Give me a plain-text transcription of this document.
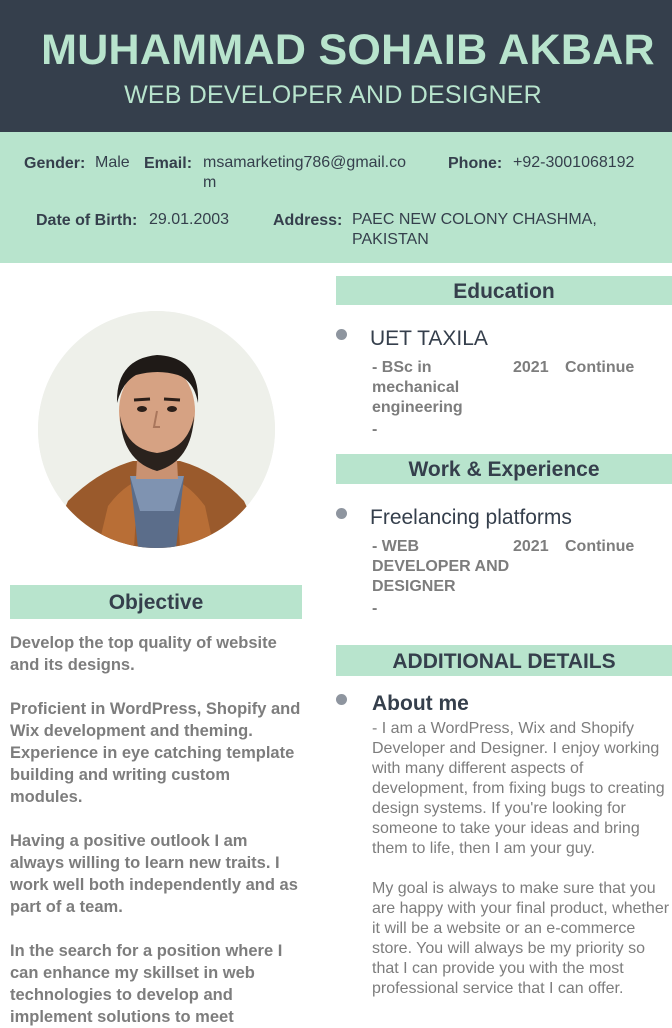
MUHAMMAD SOHAIB AKBAR
WEB DEVELOPER AND DESIGNER
Gender: Male Email: msamarketing786@gmail.com
Phone: +92-3001068192
Date of Birth: 29.01.2003	Address: PAEC NEW COLONY CHASHMA, PAKISTAN
Objective

Develop the top quality of website and its designs.

Proficient in WordPress, Shopify and Wix development and theming. Experience in eye catching template building and writing custom modules.

Having a positive outlook I am always willing to learn new traits. I work well both independently and as part of a team.

In the search for a position where I can enhance my skillset in web technologies to develop and implement solutions to meet

Education
UET TAXILA
- BSc in mechanical engineering
2021 Continue
-
Work & Experience
Freelancing platforms
- WEB DEVELOPER AND DESIGNER
2021 Continue
-
ADDITIONAL DETAILS
About me

- I am a WordPress, Wix and Shopify Developer and Designer. I enjoy working with many different aspects of development, from fixing bugs to creating design systems. If you're looking for someone to take your ideas and bring them to life, then I am your guy.

My goal is always to make sure that you are happy with your final product, whether it will be a website or an e-commerce store. You will always be my priority so that I can provide you with the most professional service that I can offer.
